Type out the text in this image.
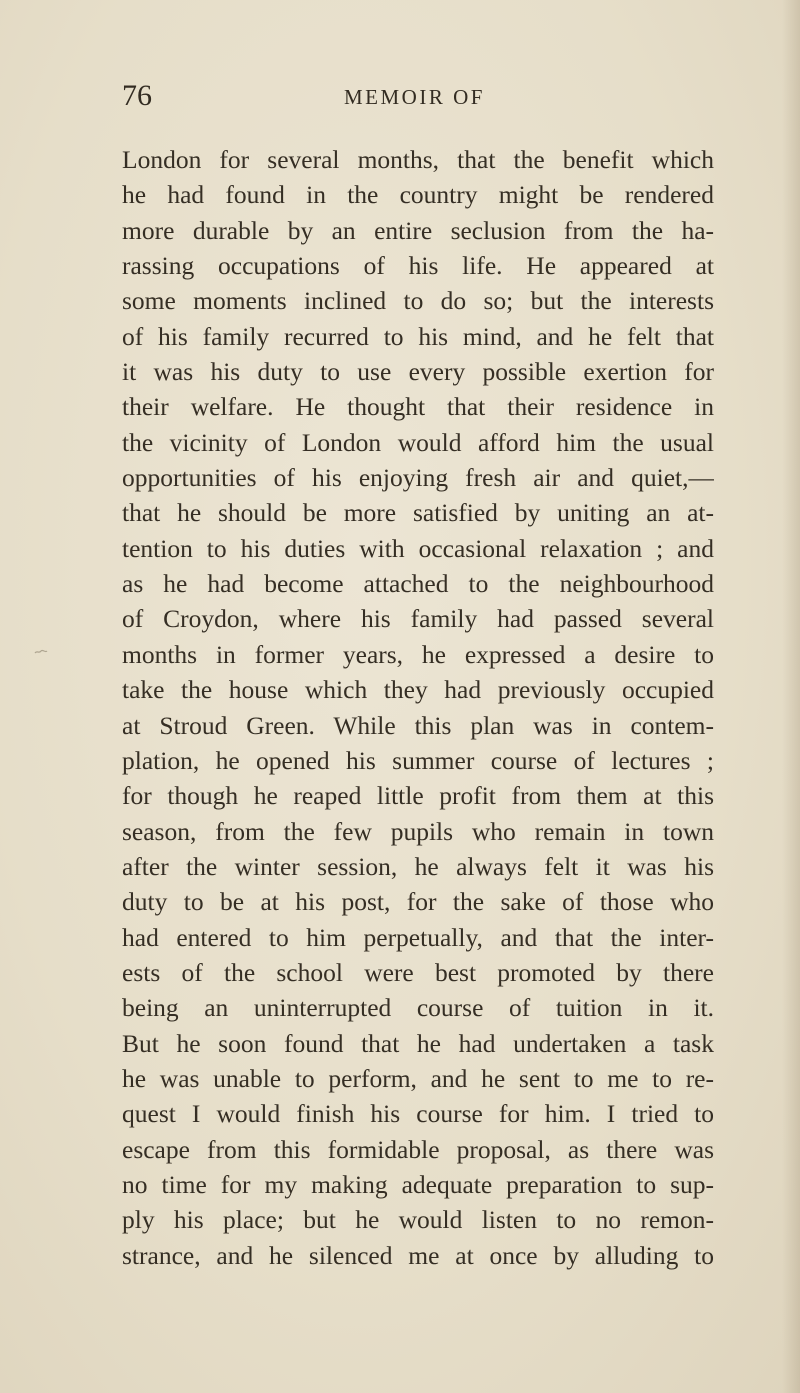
76	MEMOIR OF
London for several months, that the benefit which
he had found in the country might be rendered
more durable by an entire seclusion from the ha-
rassing occupations of his life. He appeared at
some moments inclined to do so; but the interests
of his family recurred to his mind, and he felt that
it was his duty to use every possible exertion for
their welfare. He thought that their residence in
the vicinity of London would afford him the usual
opportunities of his enjoying fresh air and quiet,—
that he should be more satisfied by uniting an at-
tention to his duties with occasional relaxation ; and
as he had become attached to the neighbourhood
of Croydon, where his family had passed several
months in former years, he expressed a desire to
take the house which they had previously occupied
at Stroud Green. While this plan was in contem-
plation, he opened his summer course of lectures ;
for though he reaped little profit from them at this
season, from the few pupils who remain in town
after the winter session, he always felt it was his
duty to be at his post, for the sake of those who
had entered to him perpetually, and that the inter-
ests of the school were best promoted by there
being an uninterrupted course of tuition in it.
But he soon found that he had undertaken a task
he was unable to perform, and he sent to me to re-
quest I would finish his course for him. I tried to
escape from this formidable proposal, as there was
no time for my making adequate preparation to sup-
ply his place; but he would listen to no remon-
strance, and he silenced me at once by alluding to
